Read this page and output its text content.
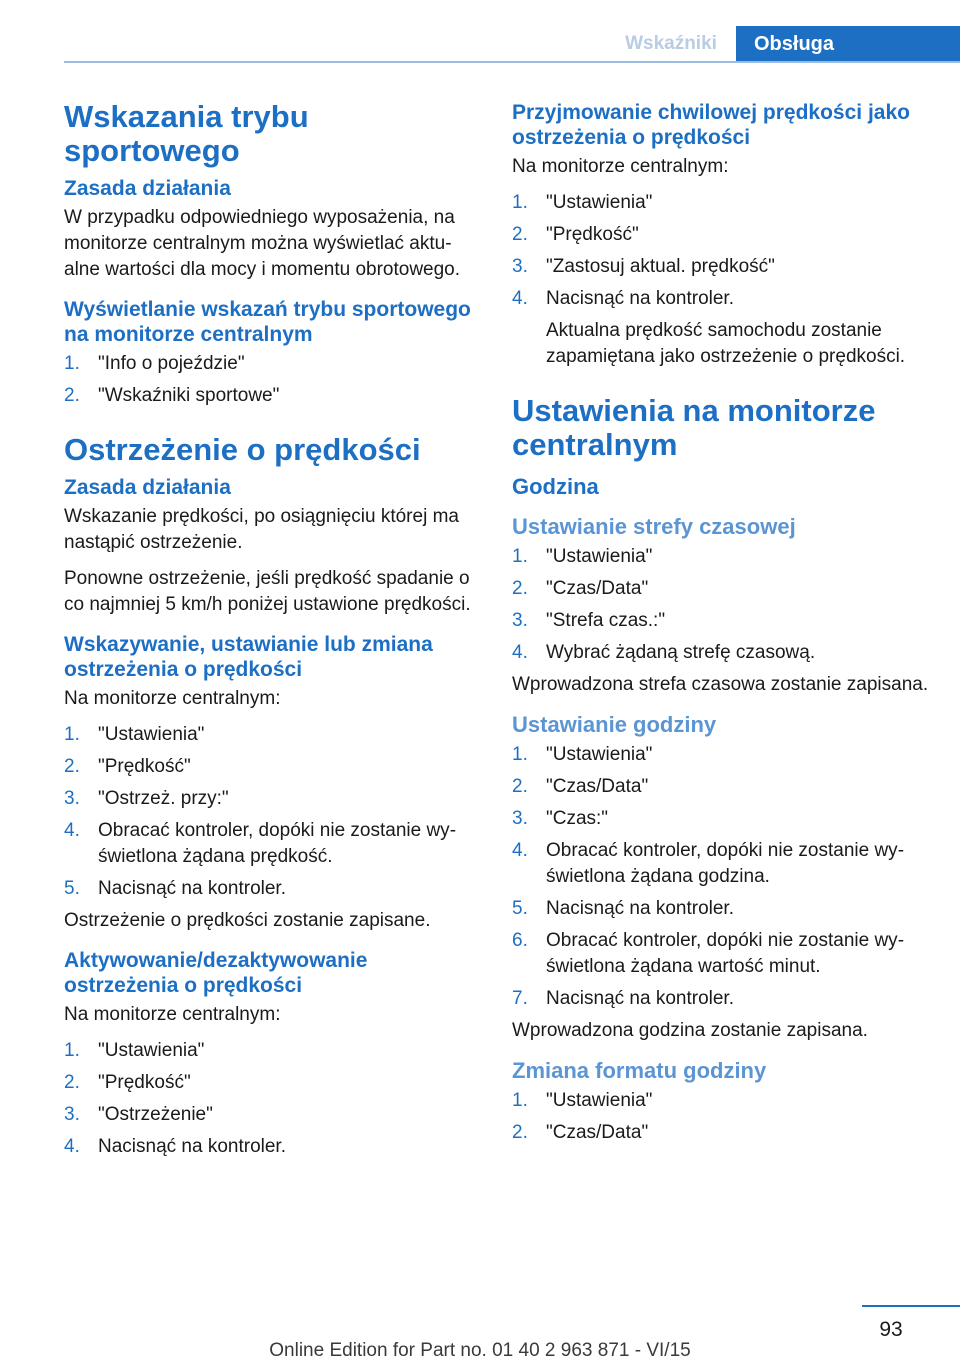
Wskaźniki	Obsługa
Wskazania trybu sportowego
Zasada działania
W przypadku odpowiedniego wyposażenia, na monitorze centralnym można wyświetlać aktualne wartości dla mocy i momentu obrotowego.
Wyświetlanie wskazań trybu sportowego na monitorze centralnym
1. "Info o pojeździe"
2. "Wskaźniki sportowe"
Ostrzeżenie o prędkości
Zasada działania
Wskazanie prędkości, po osiągnięciu której ma nastąpić ostrzeżenie.
Ponowne ostrzeżenie, jeśli prędkość spadanie o co najmniej 5 km/h poniżej ustawione prędkości.
Wskazywanie, ustawianie lub zmiana ostrzeżenia o prędkości
Na monitorze centralnym:
1. "Ustawienia"
2. "Prędkość"
3. "Ostrzeż. przy:"
4. Obracać kontroler, dopóki nie zostanie wyświetlona żądana prędkość.
5. Nacisnąć na kontroler.
Ostrzeżenie o prędkości zostanie zapisane.
Aktywowanie/dezaktywowanie ostrzeżenia o prędkości
Na monitorze centralnym:
1. "Ustawienia"
2. "Prędkość"
3. "Ostrzeżenie"
4. Nacisnąć na kontroler.
Przyjmowanie chwilowej prędkości jako ostrzeżenia o prędkości
Na monitorze centralnym:
1. "Ustawienia"
2. "Prędkość"
3. "Zastosuj aktual. prędkość"
4. Nacisnąć na kontroler.
Aktualna prędkość samochodu zostanie zapamiętana jako ostrzeżenie o prędkości.
Ustawienia na monitorze centralnym
Godzina
Ustawianie strefy czasowej
1. "Ustawienia"
2. "Czas/Data"
3. "Strefa czas.:"
4. Wybrać żądaną strefę czasową.
Wprowadzona strefa czasowa zostanie zapisana.
Ustawianie godziny
1. "Ustawienia"
2. "Czas/Data"
3. "Czas:"
4. Obracać kontroler, dopóki nie zostanie wyświetlona żądana godzina.
5. Nacisnąć na kontroler.
6. Obracać kontroler, dopóki nie zostanie wyświetlona żądana wartość minut.
7. Nacisnąć na kontroler.
Wprowadzona godzina zostanie zapisana.
Zmiana formatu godziny
1. "Ustawienia"
2. "Czas/Data"
93
Online Edition for Part no. 01 40 2 963 871 - VI/15
